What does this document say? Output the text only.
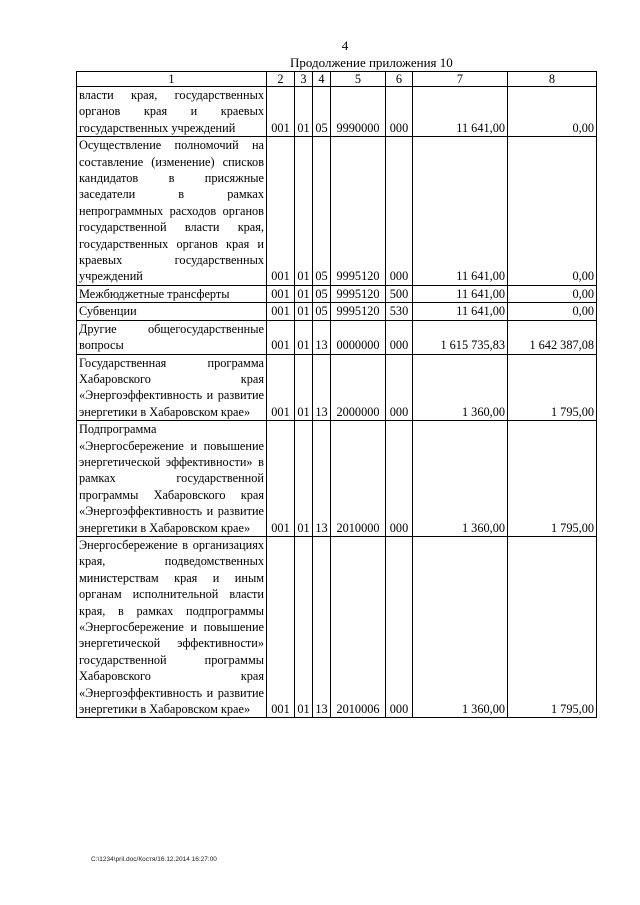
4
Продолжение приложения 10
1	2	3	4	5	6	7	8
власти края, государственных органов края и краевых государственных учреждений	001	01	05	9990000	000	11 641,00	0,00
Осуществление полномочий на составление (изменение) списков кандидатов в присяжные заседатели в рамках непрограммных расходов органов государственной власти края, государственных органов края и краевых государственных учреждений	001	01	05	9995120	000	11 641,00	0,00
Межбюджетные трансферты	001	01	05	9995120	500	11 641,00	0,00
Субвенции	001	01	05	9995120	530	11 641,00	0,00
Другие общегосударственные вопросы	001	01	13	0000000	000	1 615 735,83	1 642 387,08
Государственная программа Хабаровского края «Энергоэффективность и развитие энергетики в Хабаровском крае»	001	01	13	2000000	000	1 360,00	1 795,00
Подпрограмма «Энергосбережение и повышение энергетической эффективности» в рамках государственной программы Хабаровского края «Энергоэффективность и развитие энергетики в Хабаровском крае»	001	01	13	2010000	000	1 360,00	1 795,00
Энергосбережение в организациях края, подведомственных министерствам края и иным органам исполнительной власти края, в рамках подпрограммы «Энергосбережение и повышение энергетической эффективности» государственной программы Хабаровского края «Энергоэффективность и развитие энергетики в Хабаровском крае»	001	01	13	2010006	000	1 360,00	1 795,00
C:\1234\pril.doc/Костя/16.12.2014 16:27:00
